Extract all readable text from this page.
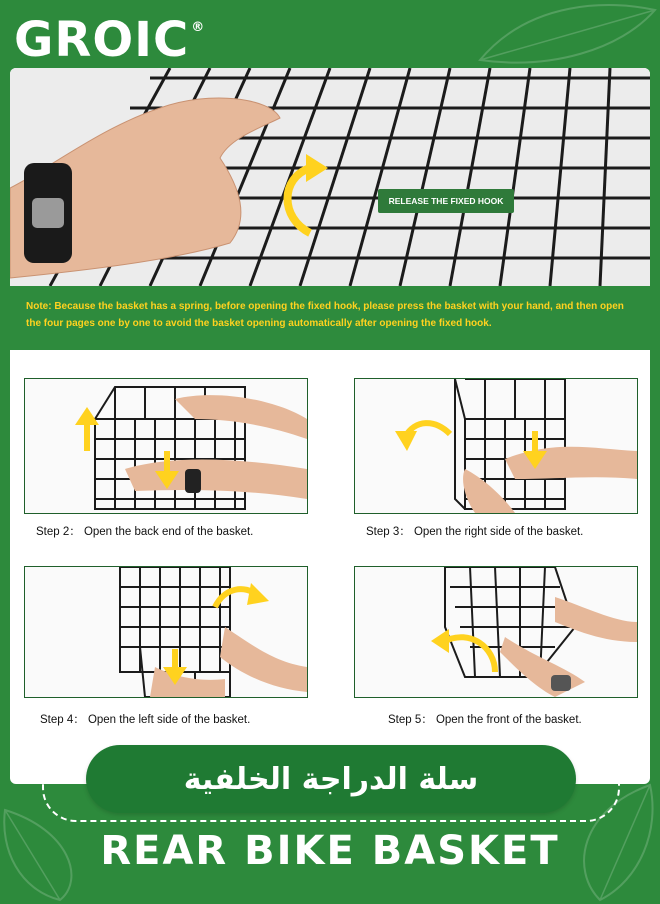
GROIC ®
RELEASE THE FIXED HOOK
Note: Because the basket has a spring, before opening the fixed hook, please press the basket with your hand, and then open the four pages one by one to avoid the basket opening automatically after opening the fixed hook.
Step 2： Open the back end of the basket.	Step 3： Open the right side of the basket.
Step 4： Open the left side of the basket.	Step 5： Open the front of the basket.
سلة الدراجة الخلفية
REAR BIKE BASKET
